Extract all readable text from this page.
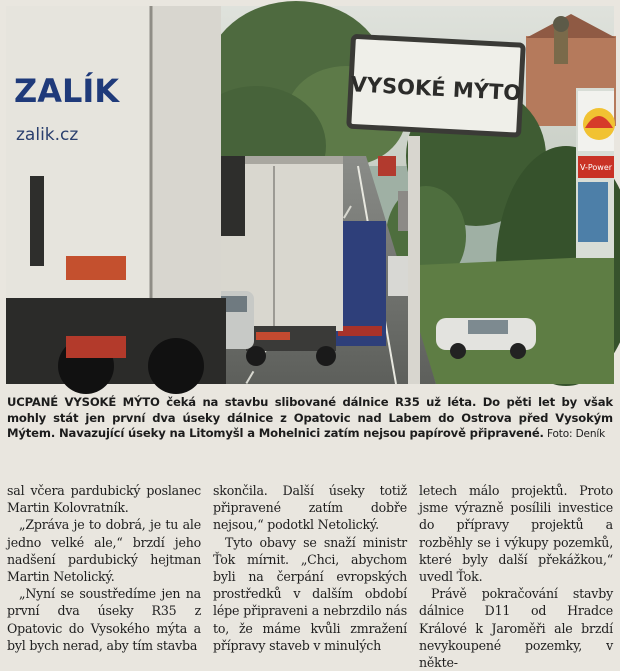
VYSOKÉ MÝTO
V-Power
ZALÍK
zalik.cz
UCPANÉ VYSOKÉ MÝTO čeká na stavbu slibované dálnice R35 už léta. Do pěti let by však mohly stát jen první dva úseky dálnice z Opatovic nad Labem do Ostrova před Vysokým Mýtem. Navazující úseky na Litomyšl a Mohelnici zatím nejsou papírově připravené. Foto: Deník

sal včera pardubický poslanec Martin Kolovratník.

„Zpráva je to dobrá, je tu ale jedno velké ale,“ brzdí jeho nadšení pardubický hejtman Martin Netolický.

„Nyní se soustředíme jen na první dva úseky R35 z Opatovic do Vysokého mýta a byl bych nerad, aby tím stavba

skončila. Další úseky totiž připravené zatím dobře nejsou,“ podotkl Netolický.

Tyto obavy se snaží ministr Ťok mírnit. „Chci, abychom byli na čerpání evropských prostředků v dalším období lépe připraveni a nebrzdilo nás to, že máme kvůli zmražení přípravy staveb v minulých

letech málo projektů. Proto jsme výrazně posílili investice do přípravy projektů a rozběhly se i výkupy pozemků, které byly další překážkou,“ uvedl Ťok.

Právě pokračování stavby dálnice D11 od Hradce Králové k Jaroměři ale brzdí nevykoupené pozemky, v někte-
